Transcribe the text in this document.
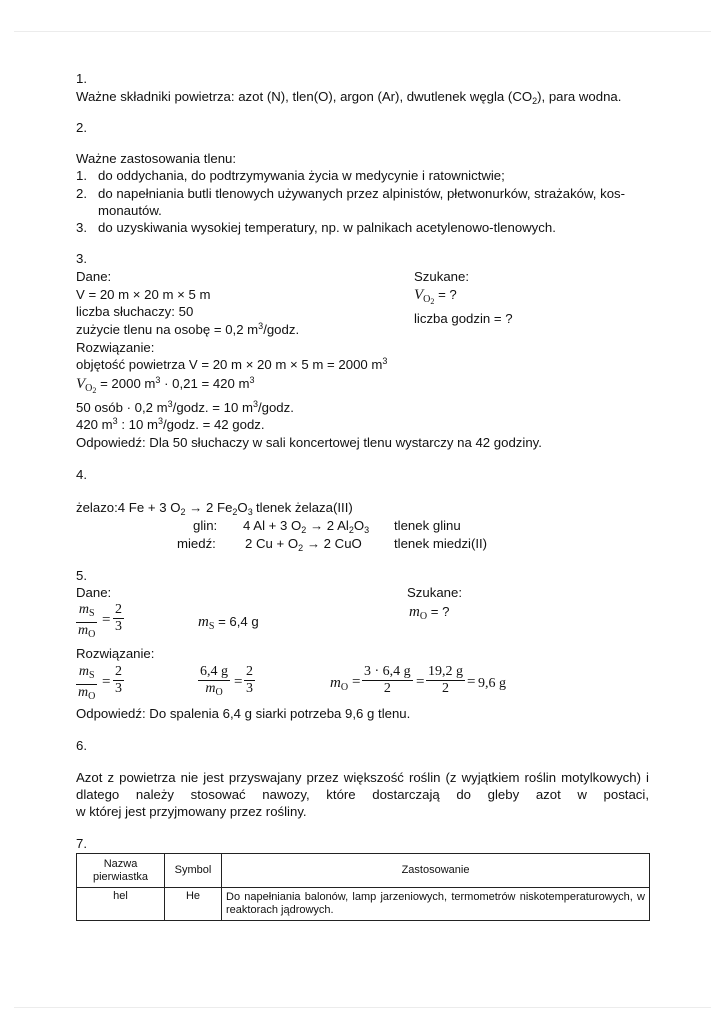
1.
Ważne składniki powietrza: azot (N), tlen(O), argon (Ar), dwutlenek węgla $(CO_2)$, para wodna.
2.
Ważne zastosowania tlenu:
1. do oddychania, do podtrzymywania życia w medycynie i ratownictwie;
2. do napełniania butli tlenowych używanych przez alpinistów, płetwonurków, strażaków, kos-
monautów.
3. do uzyskiwania wysokiej temperatury, np. w palnikach acetylenowo-tlenowych.
3.
Dane:	Szukane:
V = 20 m × 20 m × 5 m	$V_{O2}$ = ?
liczba słuchaczy: 50	liczba godzin = ?
zużycie tlenu na osobę = 0,2 $m^3$/godz.
Rozwiązanie:
objętość powietrza V = 20 m × 20 m × 5 m = 2000 $m^3$
$V_{O2} = 2000$ $m^3 \cdot 0,21 = 420$ $m^3$
50 osób · 0,2 $m^3$/godz. = 10 $m^3$/godz.
420 $m^3$ : 10 $m^3$/godz. = 42 godz.
Odpowiedź: Dla 50 słuchaczy w sali koncertowej tlenu wystarczy na 42 godziny.
4.
żelazo:4 Fe + 3 $O_2 \to 2$ $Fe_2O_3$ tlenek żelaza(III)
glin: 4 Al + 3 $O_2 \to 2$ $Al_2O_3$ tlenek glinu
miedź: 2 $Cu + O_2 \to 2$ CuO tlenek miedzi(II)
5.
Dane:	Szukane:
$\frac{m_S}{m_O} = \frac{2}{3}$	$m_S = 6,4$ g
$m_O$ = ?
Rozwiązanie:
$\frac{m_S}{m_O} = \frac{2}{3}$	$\frac{6,4 g}{m_O} = \frac{2}{3}$	$m_O = \frac{3 \cdot 6,4 g}{2} = \frac{19,2 g}{2} = 9,6$ g
Odpowiedź: Do spalenia 6,4 g siarki potrzeba 9,6 g tlenu.
6.
Azot z powietrza nie jest przyswajany przez większość roślin (z wyjątkiem roślin motylkowych) i
dlatego należy stosować nawozy, które dostarczają do gleby azot w postaci,
w której jest przyjmowany przez rośliny.
7.
Nazwa pierwiastka	Symbol	Zastosowanie
hel	He	Do napełniania balonów, lamp jarzeniowych, termometrów niskotemperaturowych, w reaktorach jądrowych.
